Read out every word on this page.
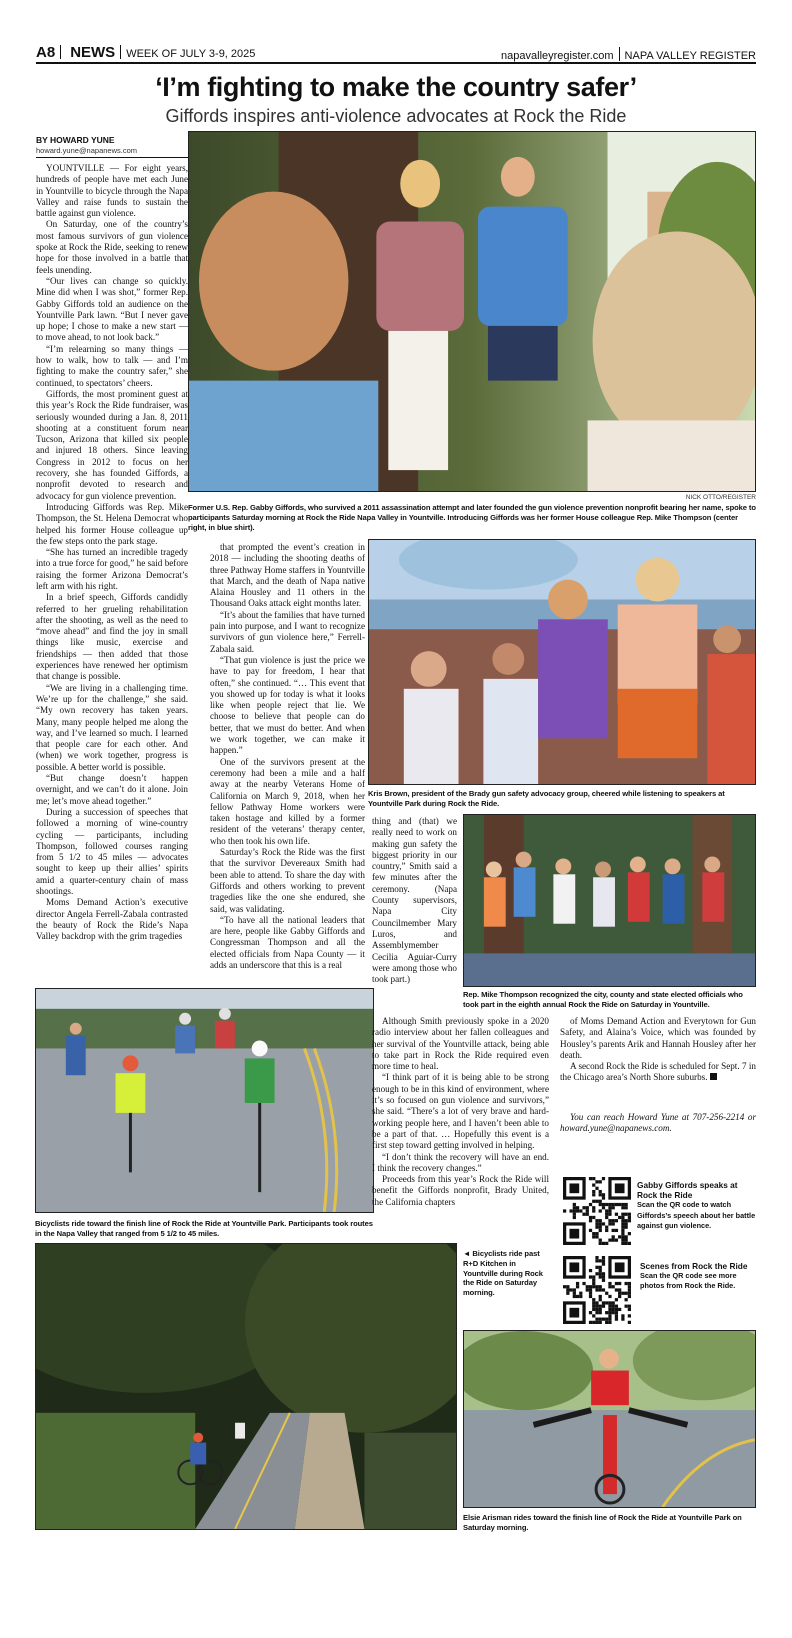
A8 NEWS WEEK OF JULY 3-9, 2025	napavalleyregister.com NAPA VALLEY REGISTER
‘I’m fighting to make the country safer’
Giffords inspires anti-violence advocates at Rock the Ride
BY HOWARD YUNE
howard.yune@napanews.com

YOUNTVILLE — For eight years, hundreds of people have met each June in Yountville to bicycle through the Napa Valley and raise funds to sustain the battle against gun violence.

On Saturday, one of the country’s most famous survivors of gun violence spoke at Rock the Ride, seeking to renew hope for those involved in a battle that feels unending.

“Our lives can change so quickly. Mine did when I was shot,” former Rep. Gabby Giffords told an audience on the Yountville Park lawn. “But I never gave up hope; I chose to make a new start — to move ahead, to not look back.”

“I’m relearning so many things — how to walk, how to talk — and I’m fighting to make the country safer,” she continued, to spectators’ cheers.

Giffords, the most prominent guest at this year’s Rock the Ride fundraiser, was seriously wounded during a Jan. 8, 2011 shooting at a constituent forum near Tucson, Arizona that killed six people and injured 18 others. Since leaving Congress in 2012 to focus on her recovery, she has founded Giffords, a nonprofit devoted to research and advocacy for gun violence prevention.

Introducing Giffords was Rep. Mike Thompson, the St. Helena Democrat who helped his former House colleague up the few steps onto the park stage.

“She has turned an incredible tragedy into a true force for good,” he said before raising the former Arizona Democrat’s left arm with his right.

In a brief speech, Giffords candidly referred to her grueling rehabilitation after the shooting, as well as the need to “move ahead” and find the joy in small things like music, exercise and friendships — then added that those experiences have renewed her optimism that change is possible.

“We are living in a challenging time. We’re up for the challenge,” she said. “My own recovery has taken years. Many, many people helped me along the way, and I’ve learned so much. I learned that people care for each other. And (when) we work together, progress is possible. A better world is possible.

“But change doesn’t happen overnight, and we can’t do it alone. Join me; let’s move ahead together.”

During a succession of speeches that followed a morning of wine-country cycling — participants, including Thompson, followed courses ranging from 5 1/2 to 45 miles — advocates sought to keep up their allies’ spirits amid a quarter-century chain of mass shootings.

Moms Demand Action’s executive director Angela Ferrell-Zabala contrasted the beauty of Rock the Ride’s Napa Valley backdrop with the grim tragedies

NICK OTTO/REGISTER
Former U.S. Rep. Gabby Giffords, who survived a 2011 assassination attempt and later founded the gun violence prevention nonprofit bearing her name, spoke to participants Saturday morning at Rock the Ride Napa Valley in Yountville. Introducing Giffords was her former House colleague Rep. Mike Thompson (center right, in blue shirt).

that prompted the event’s creation in 2018 — including the shooting deaths of three Pathway Home staffers in Yountville that March, and the death of Napa native Alaina Housley and 11 others in the Thousand Oaks attack eight months later.

“It’s about the families that have turned pain into purpose, and I want to recognize survivors of gun violence here,” Ferrell-Zabala said.

“That gun violence is just the price we have to pay for freedom, I hear that often,” she continued. “… This event that you showed up for today is what it looks like when people reject that lie. We choose to believe that people can do better, that we must do better. And when we work together, we can make it happen.”

One of the survivors present at the ceremony had been a mile and a half away at the nearby Veterans Home of California on March 9, 2018, when her fellow Pathway Home workers were taken hostage and killed by a former resident of the veterans’ therapy center, who then took his own life.

Saturday’s Rock the Ride was the first that the survivor Devereaux Smith had been able to attend. To share the day with Giffords and others working to prevent tragedies like the one she endured, she said, was validating.

“To have all the national leaders that are here, people like Gabby Giffords and Congressman Thompson and all the elected officials from Napa County — it adds an underscore that this is a real

Kris Brown, president of the Brady gun safety advocacy group, cheered while listening to speakers at Yountville Park during Rock the Ride.

thing and (that) we really need to work on making gun safety the biggest priority in our country,” Smith said a few minutes after the ceremony. (Napa County supervisors, Napa City Councilmember Mary Luros, and Assemblymember Cecilia Aguiar-Curry were among those who took part.)

Rep. Mike Thompson recognized the city, county and state elected officials who took part in the eighth annual Rock the Ride on Saturday in Yountville.
Bicyclists ride toward the finish line of Rock the Ride at Yountville Park. Participants took routes in the Napa Valley that ranged from 5 1/2 to 45 miles.

Although Smith previously spoke in a 2020 radio interview about her fallen colleagues and her survival of the Yountville attack, being able to take part in Rock the Ride required even more time to heal.

“I think part of it is being able to be strong enough to be in this kind of environment, where it’s so focused on gun violence and survivors,” she said. “There’s a lot of very brave and hard-working people here, and I haven’t been able to be a part of that. … Hopefully this event is a first step toward getting involved in helping.

“I don’t think the recovery will have an end. I think the recovery changes.”

Proceeds from this year’s Rock the Ride will benefit the Giffords nonprofit, Brady United, the California chapters

of Moms Demand Action and Everytown for Gun Safety, and Alaina’s Voice, which was founded by Housley’s parents Arik and Hannah Housley after her death.

A second Rock the Ride is scheduled for Sept. 7 in the Chicago area’s North Shore suburbs.

You can reach Howard Yune at 707-256-2214 or howard.yune@napanews.com.

Gabby Giffords speaks at Rock the Ride
Scan the QR code to watch Giffords’s speech about her battle against gun violence.
Scenes from Rock the Ride
Scan the QR code see more photos from Rock the Ride.
◄ Bicyclists ride past R+D Kitchen in Yountville during Rock the Ride on Saturday morning.
Elsie Arisman rides toward the finish line of Rock the Ride at Yountville Park on Saturday morning.
